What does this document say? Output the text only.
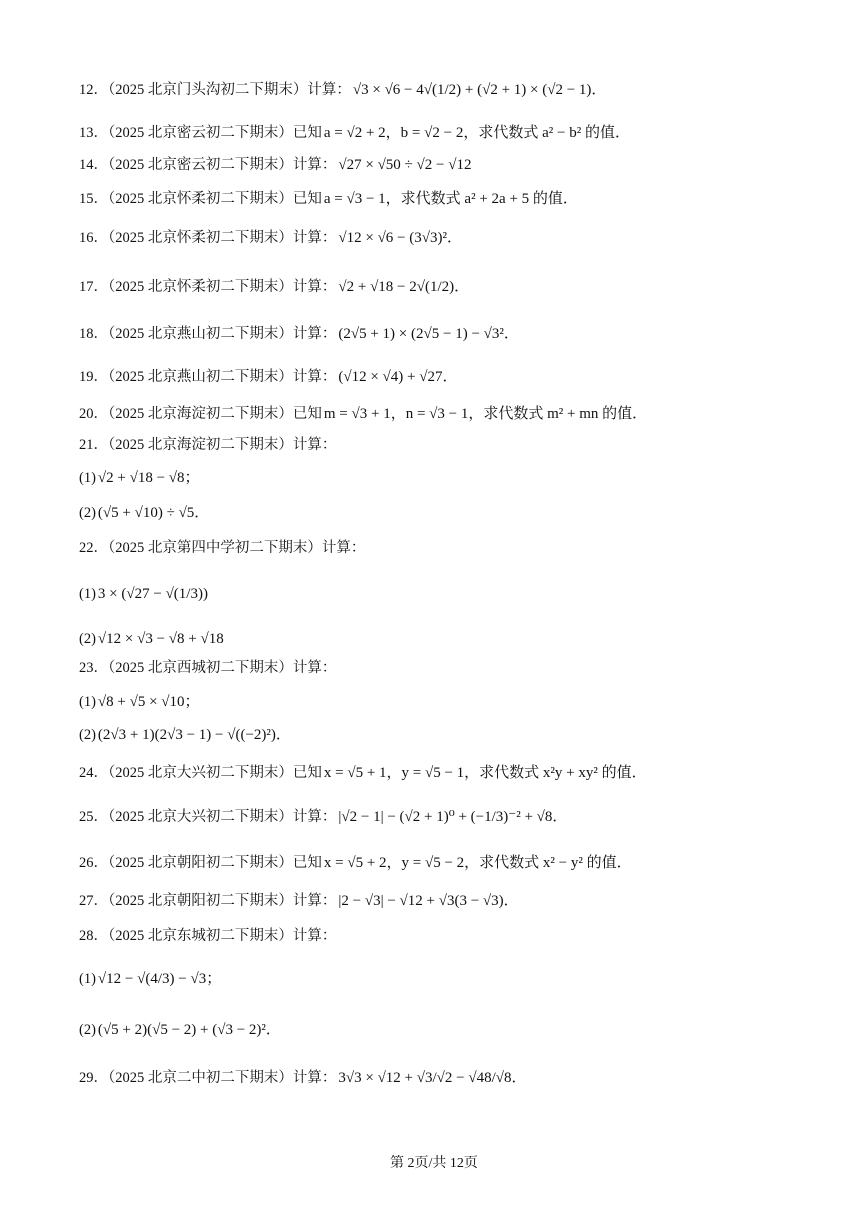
12．（2025 北京门头沟初二下期末）计算： √3 × √6 − 4√(1/2) + (√2 + 1) × (√2 − 1)．
13．（2025 北京密云初二下期末）已知 a = √2 + 2，b = √2 − 2，求代数式 a² − b² 的值．
14．（2025 北京密云初二下期末）计算： √27 × √50 ÷ √2 − √12
15．（2025 北京怀柔初二下期末）已知 a = √3 − 1，求代数式 a² + 2a + 5 的值．
16．（2025 北京怀柔初二下期末）计算： √12 × √6 − (3√3)²．
17．（2025 北京怀柔初二下期末）计算： √2 + √18 − 2√(1/2)．
18．（2025 北京燕山初二下期末）计算： (2√5 + 1) × (2√5 − 1) − √3²．
19．（2025 北京燕山初二下期末）计算： (√12 × √4) + √27．
20．（2025 北京海淀初二下期末）已知 m = √3 + 1，n = √3 − 1，求代数式 m² + mn 的值．
21．（2025 北京海淀初二下期末）计算：
(1) √2 + √18 − √8；
(2) (√5 + √10) ÷ √5．
22．（2025 北京第四中学初二下期末）计算：
(1) 3 × (√27 − √(1/3))
(2) √12 × √3 − √8 + √18
23．（2025 北京西城初二下期末）计算：
(1) √8 + √5 × √10；
(2) (2√3 + 1)(2√3 − 1) − √((−2)²)．
24．（2025 北京大兴初二下期末）已知 x = √5 + 1，y = √5 − 1，求代数式 x²y + xy² 的值．
25．（2025 北京大兴初二下期末）计算： |√2 − 1| − (√2 + 1)⁰ + (−1/3)⁻² + √8．
26．（2025 北京朝阳初二下期末）已知 x = √5 + 2，y = √5 − 2，求代数式 x² − y² 的值．
27．（2025 北京朝阳初二下期末）计算： |2 − √3| − √12 + √3(3 − √3)．
28．（2025 北京东城初二下期末）计算：
(1) √12 − √(4/3) − √3；
(2) (√5 + 2)(√5 − 2) + (√3 − 2)²．
29．（2025 北京二中初二下期末）计算： 3√3 × √12 + √3/√2 − √48/√8．
第 2页/共 12页
